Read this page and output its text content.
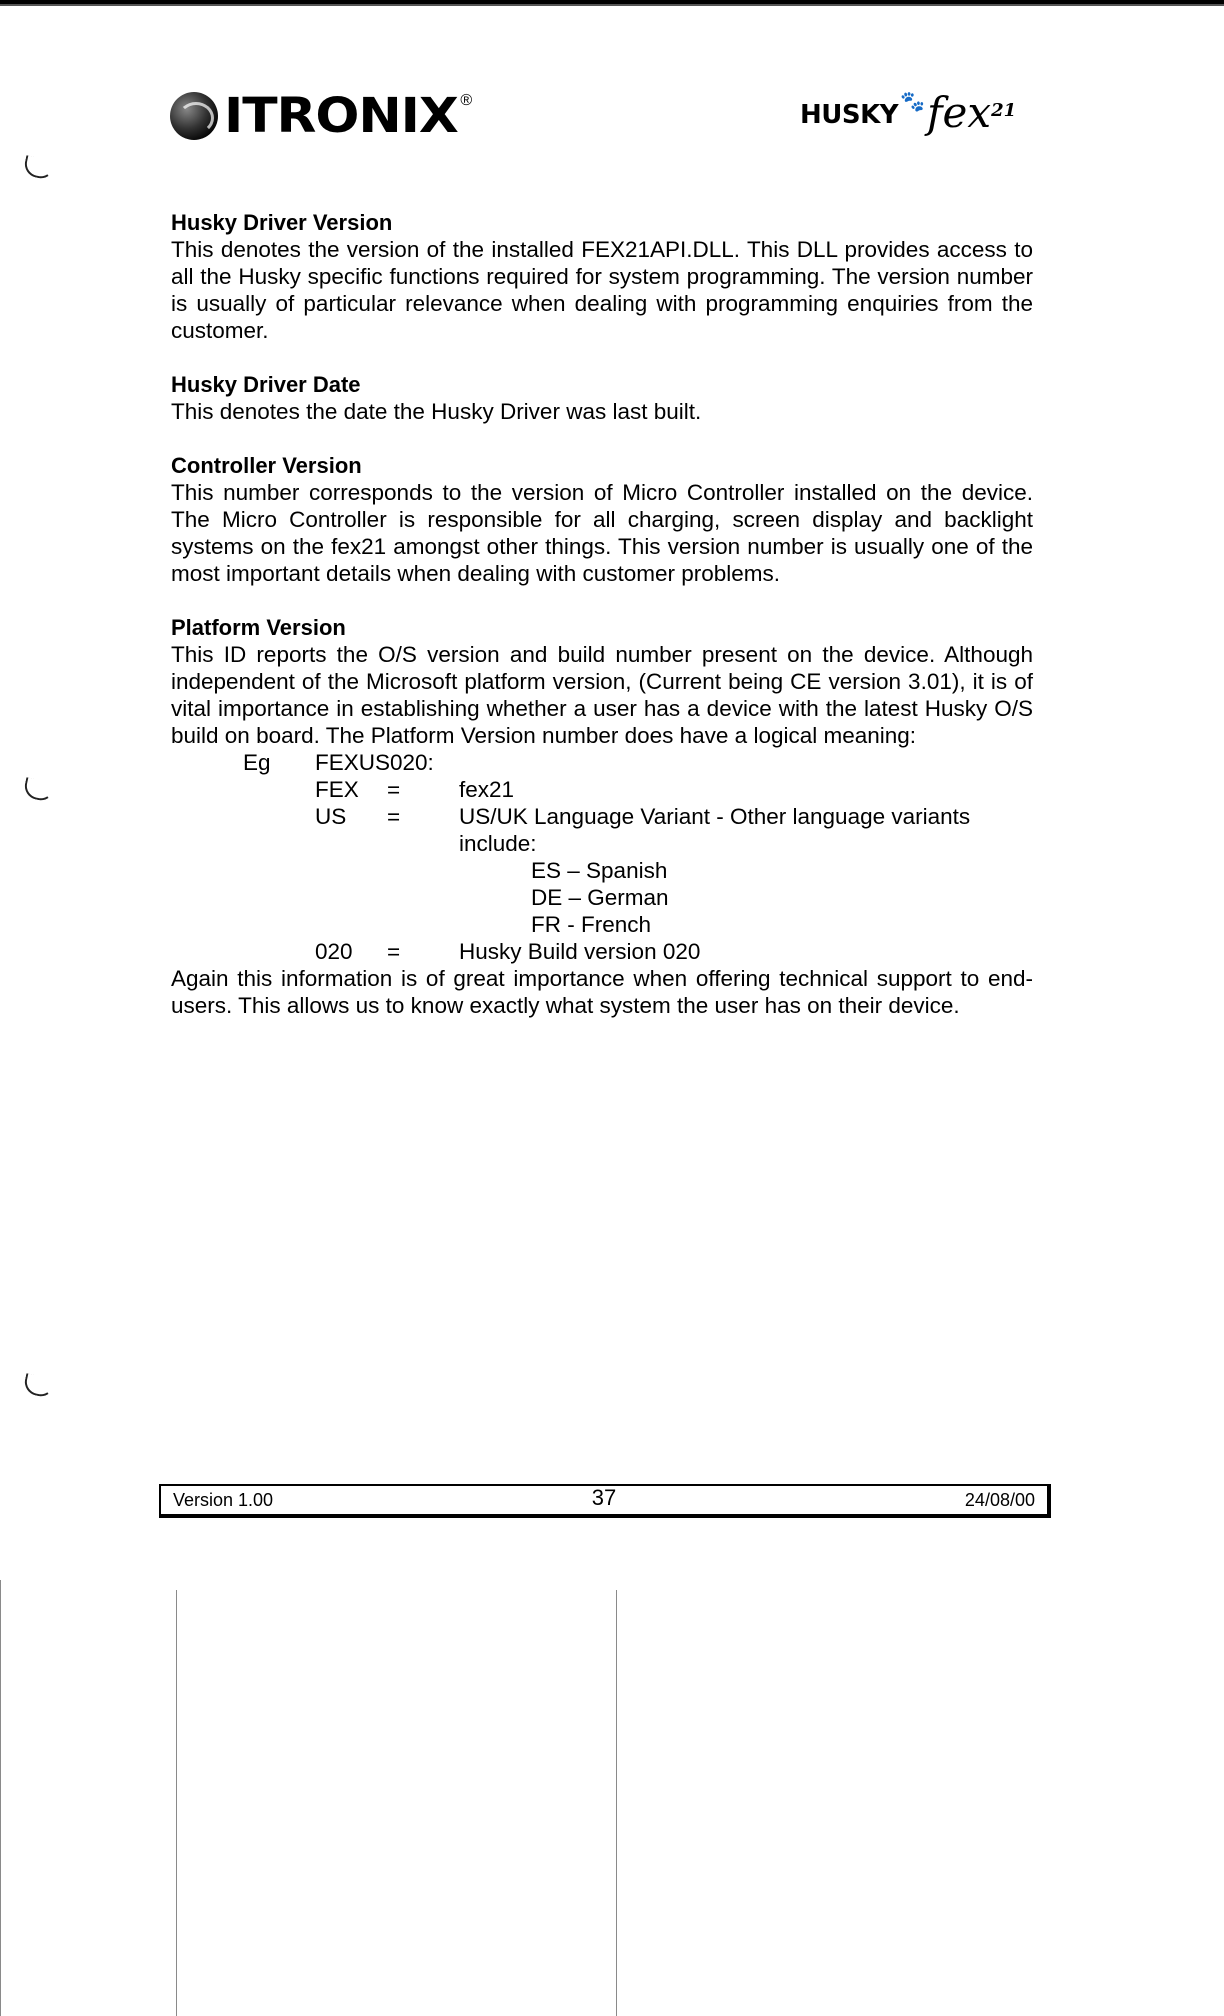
ITRONIX ®	HUSKY 🐾 fex 21
Husky Driver Version

This denotes the version of the installed FEX21API.DLL. This DLL provides access to all the Husky specific functions required for system programming. The version number is usually of particular relevance when dealing with programming enquiries from the customer.

Husky Driver Date

This denotes the date the Husky Driver was last built.

Controller Version

This number corresponds to the version of Micro Controller installed on the device. The Micro Controller is responsible for all charging, screen display and backlight systems on the fex21 amongst other things. This version number is usually one of the most important details when dealing with customer problems.

Platform Version

This ID reports the O/S version and build number present on the device. Although independent of the Microsoft platform version, (Current being CE version 3.01), it is of vital importance in establishing whether a user has a device with the latest Husky O/S build on board. The Platform Version number does have a logical meaning:

Eg	FEXUS020:
FEX	=	fex21
US	=	US/UK Language Variant - Other language variants
include:
ES – Spanish
DE – German
FR - French
020	=	Husky Build version 020

Again this information is of great importance when offering technical support to end-users. This allows us to know exactly what system the user has on their device.

Version 1.00	37	24/08/00
